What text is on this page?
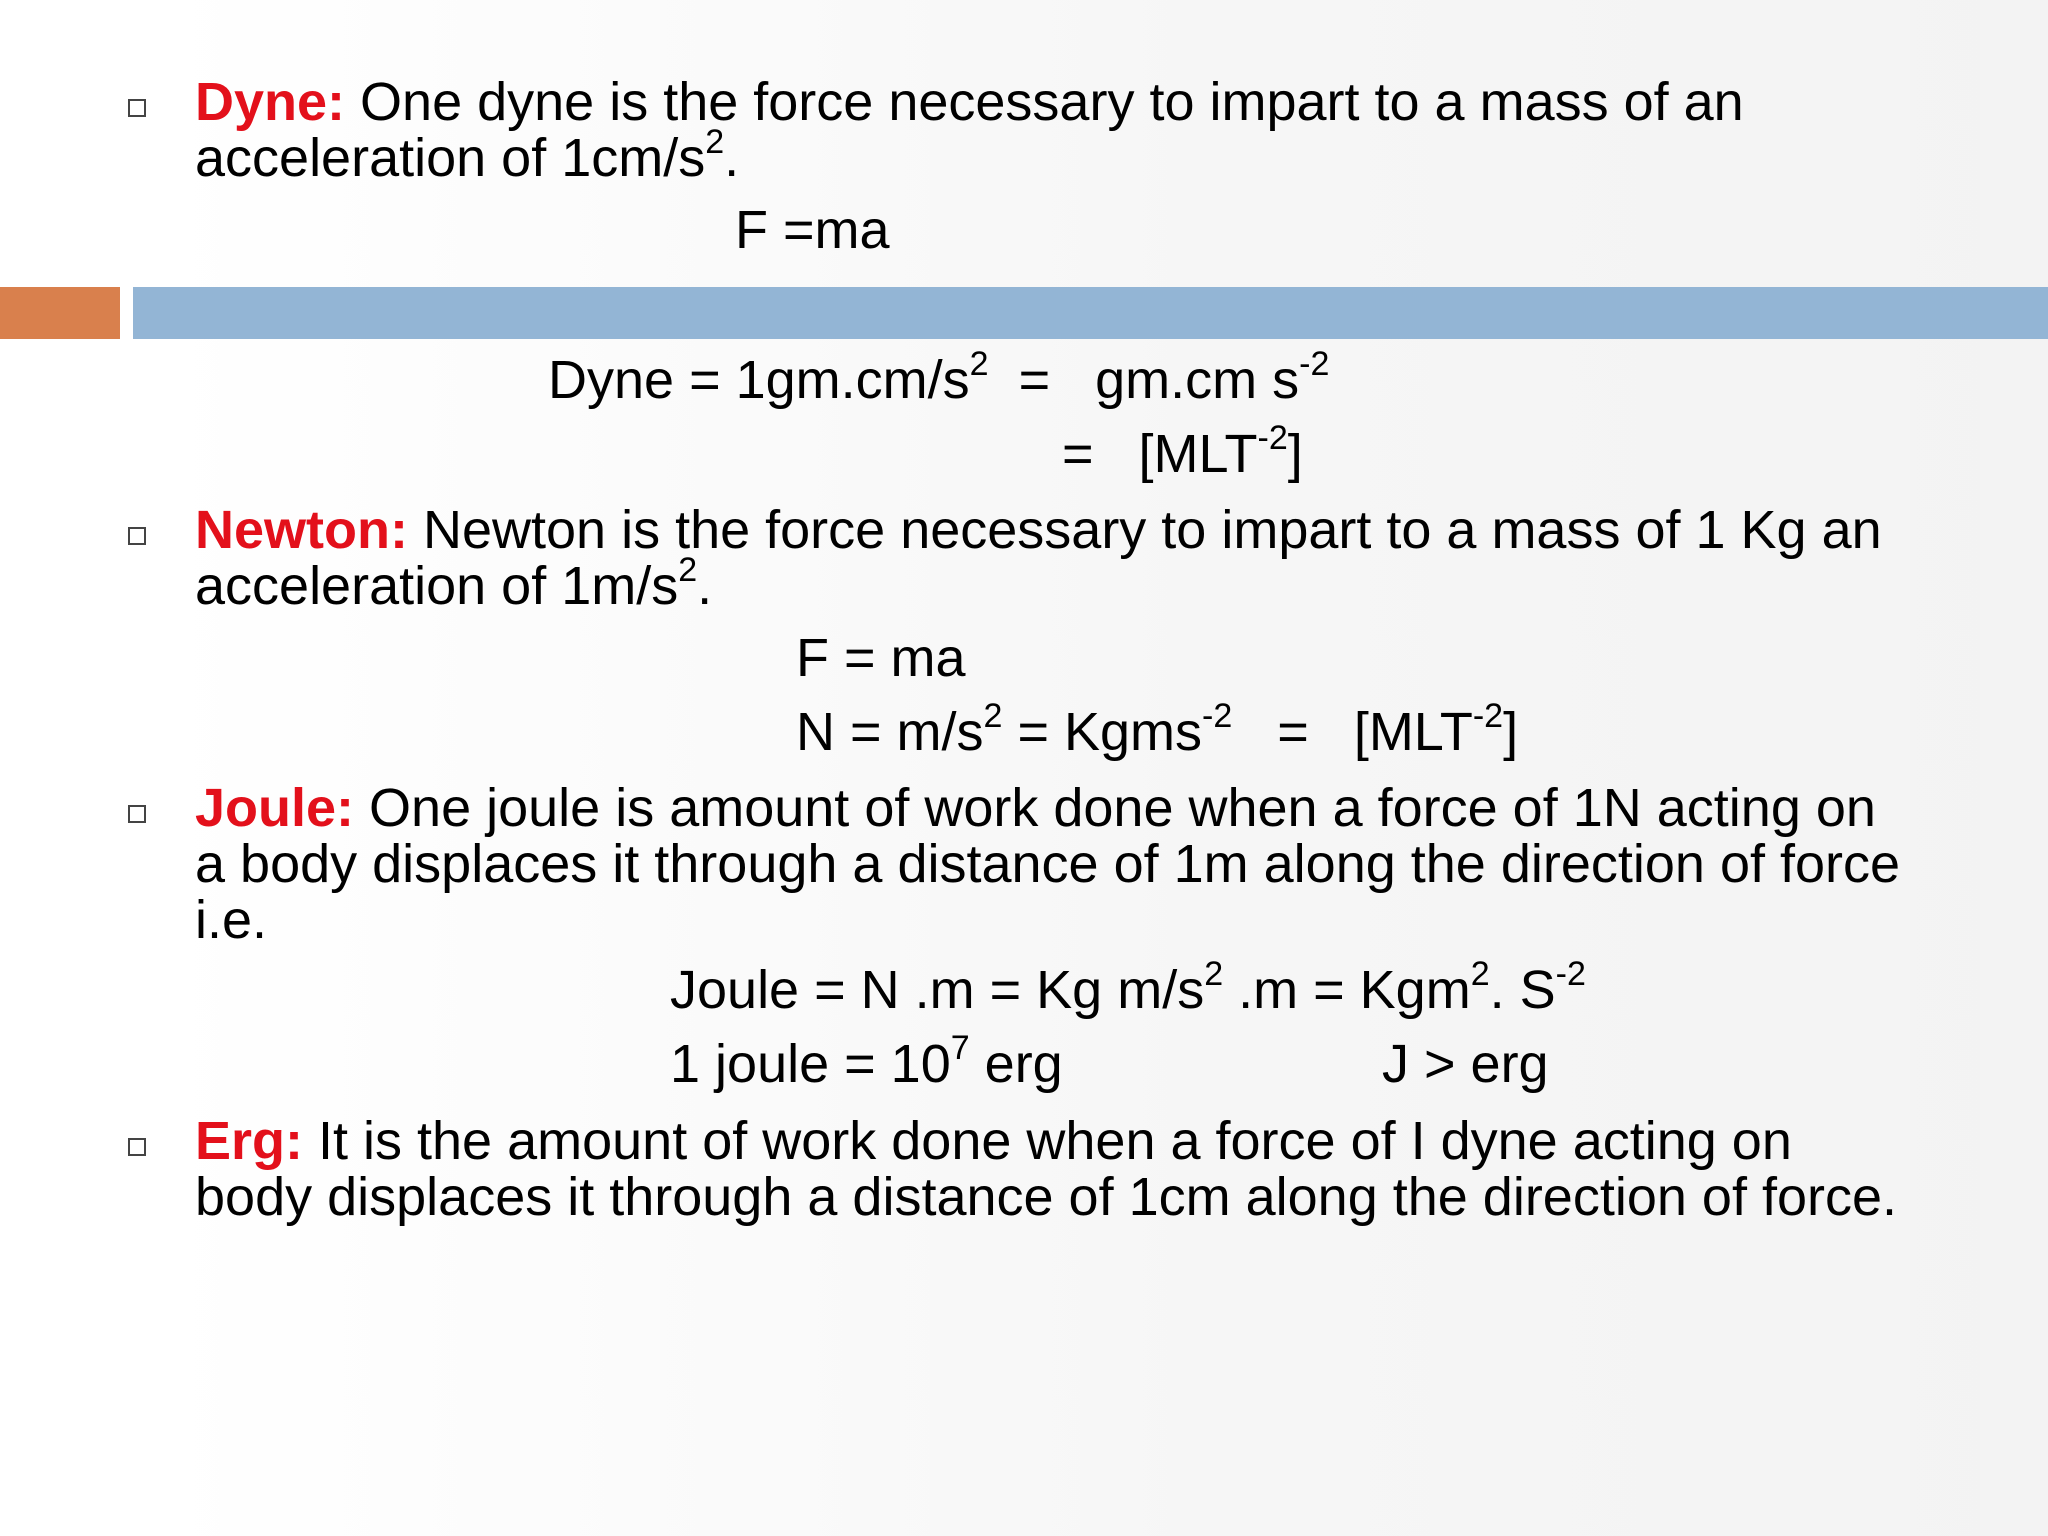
Dyne: One dyne is the force necessary to impart to a mass of an acceleration of $1cm/s^2$.
F =ma
Dyne = $1gm.cm/s^2 = gm.cm$ $s^{-2}$
=   $[MLT^{-2}]$
Newton: Newton is the force necessary to impart to a mass of 1 Kg an acceleration of $1m/s^2$.
F = ma
$N = m/s^2$ = Kgms$^{-2}$   =   $[MLT^{-2}]$
Joule: One joule is amount of work done when a force of 1N acting on a body displaces it through a distance of 1m along the direction of force i.e.
Joule = N .m = Kg $m/s^2$ .m = Kgm$^2$. $S^{-2}$
1 joule = $10^7$ erg	J > erg
Erg: It is the amount of work done when a force of I dyne acting on body displaces it through a distance of 1cm along the direction of force.
